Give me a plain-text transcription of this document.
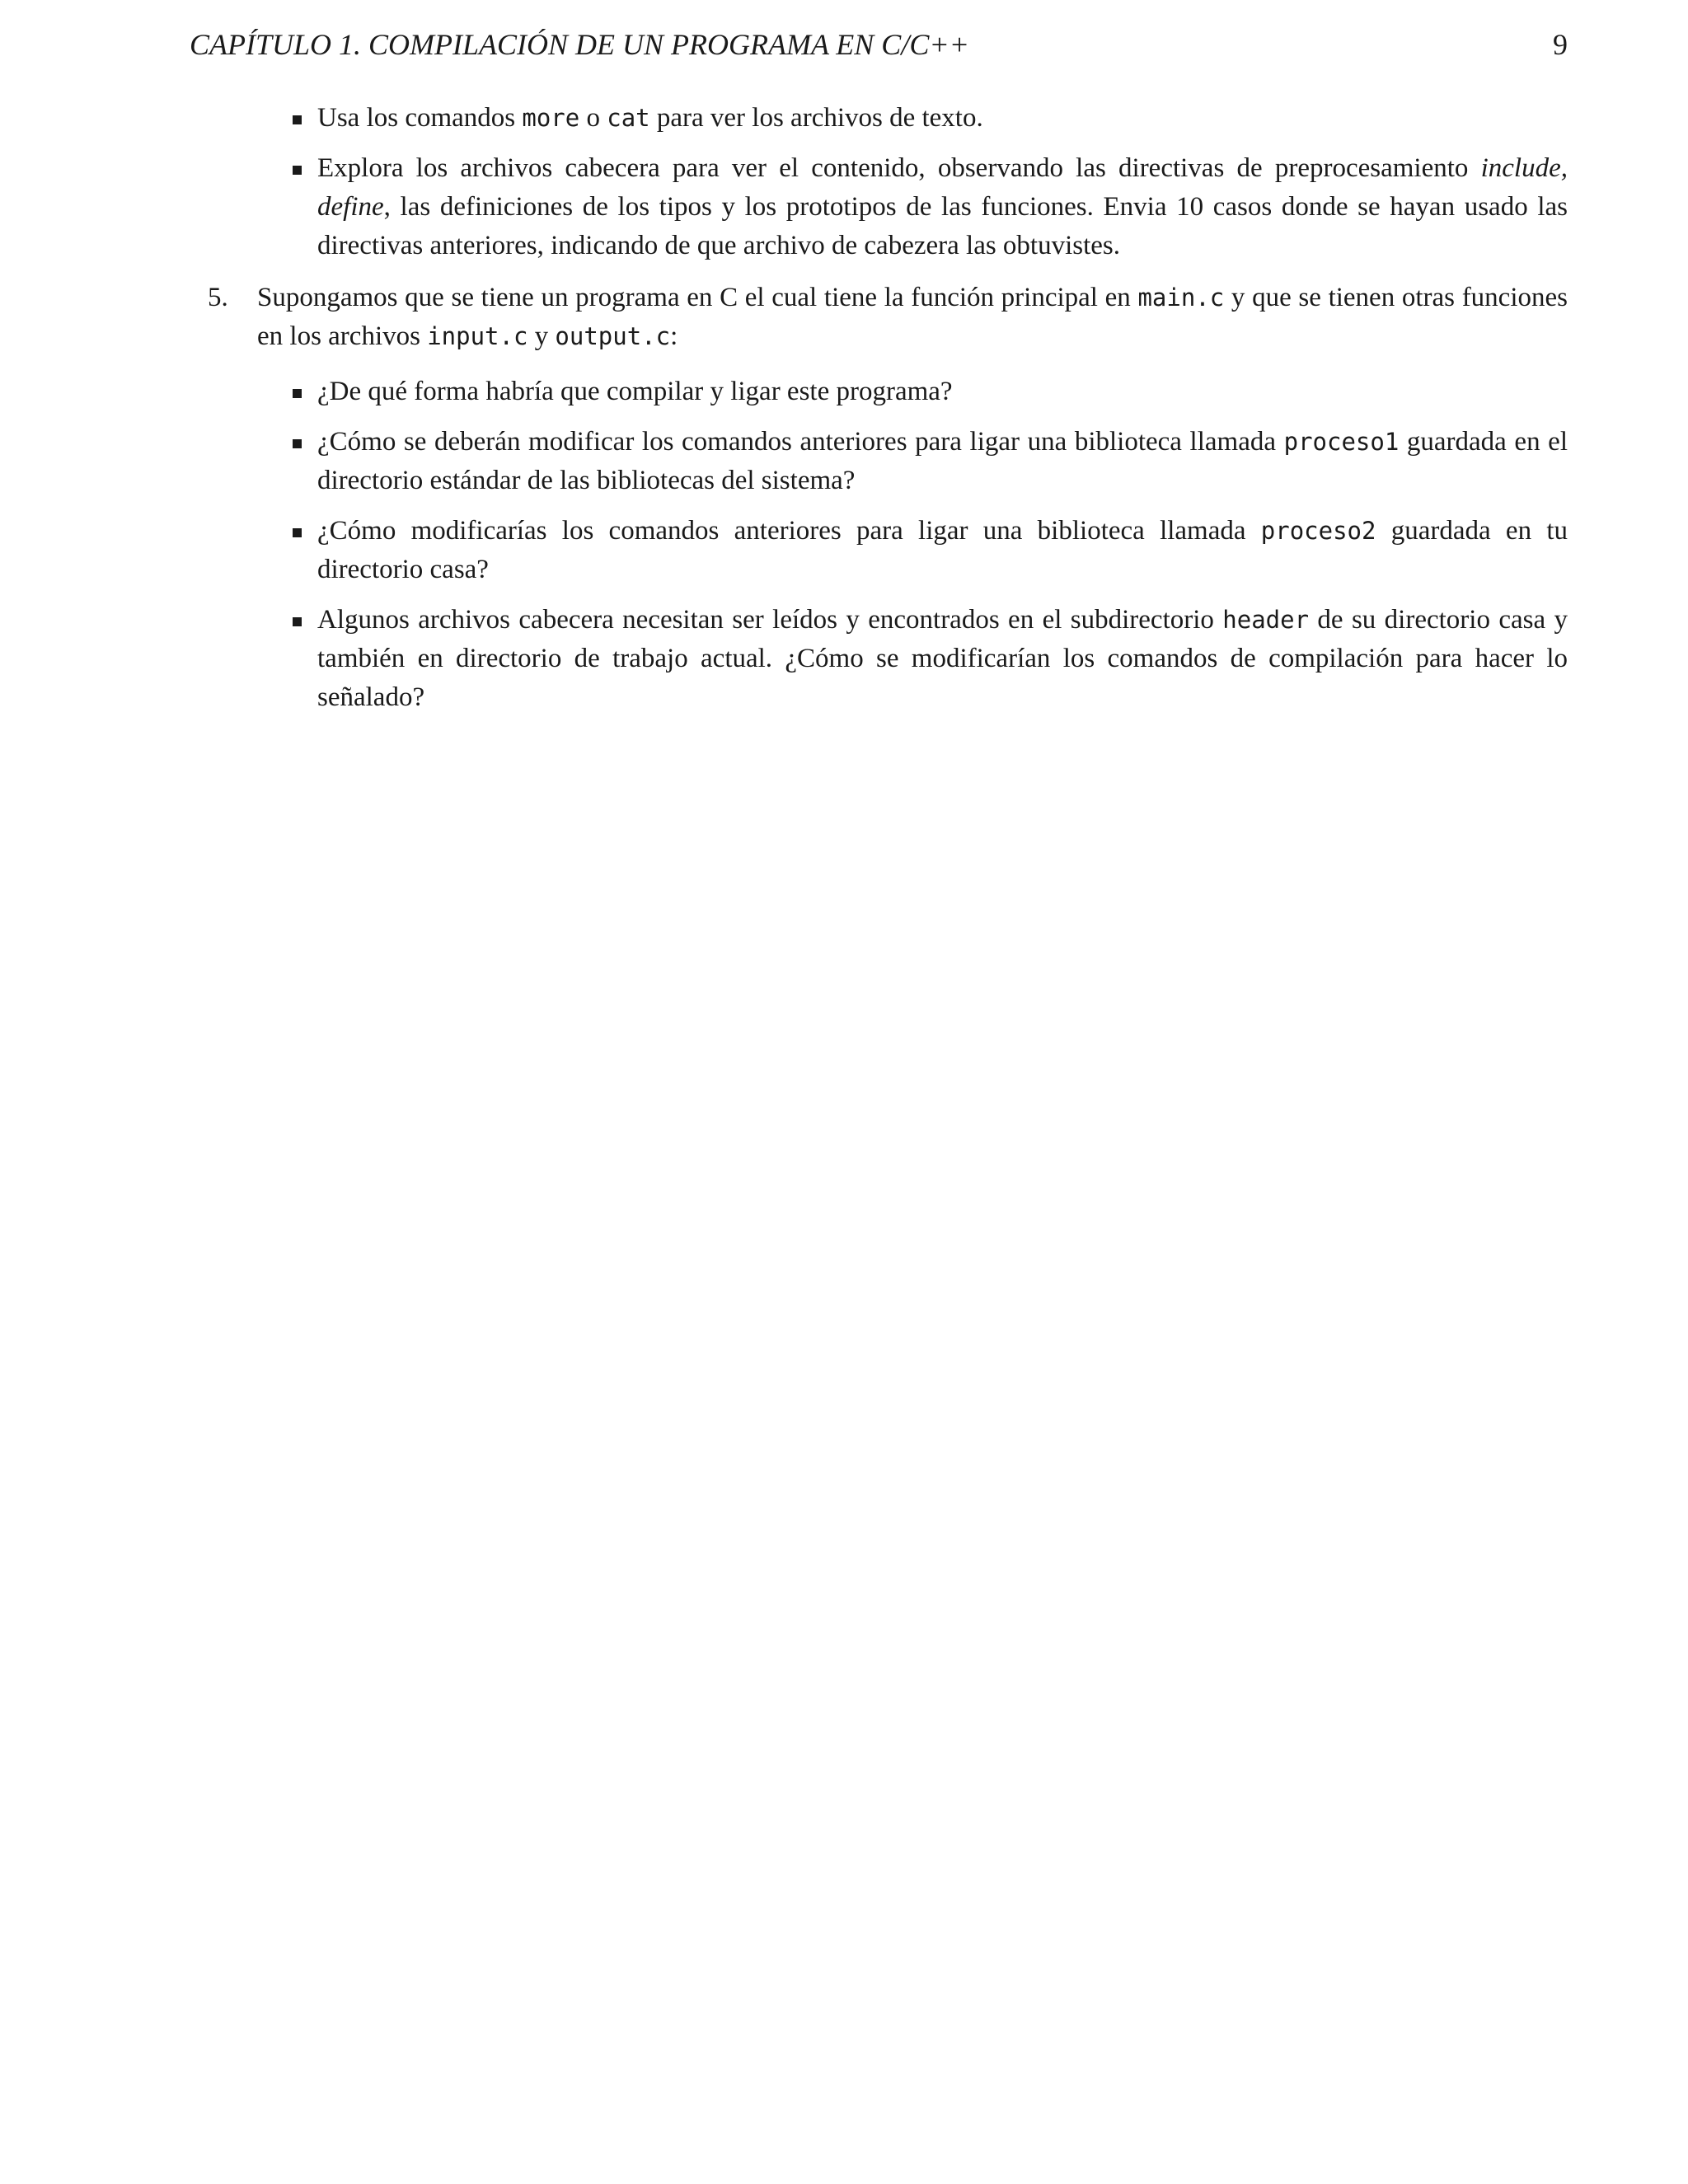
CAPÍTULO 1. COMPILACIÓN DE UN PROGRAMA EN C/C++	9
Usa los comandos more o cat para ver los archivos de texto.
Explora los archivos cabecera para ver el contenido, observando las directivas de preprocesamiento include, define, las definiciones de los tipos y los prototipos de las funciones. Envia 10 casos donde se hayan usado las directivas anteriores, indicando de que archivo de cabezera las obtuvistes.
5. Supongamos que se tiene un programa en C el cual tiene la función principal en main.c y que se tienen otras funciones en los archivos input.c y output.c:
¿De qué forma habría que compilar y ligar este programa?
¿Cómo se deberán modificar los comandos anteriores para ligar una biblioteca llamada proceso1 guardada en el directorio estándar de las bibliotecas del sistema?
¿Cómo modificarías los comandos anteriores para ligar una biblioteca llamada proceso2 guardada en tu directorio casa?
Algunos archivos cabecera necesitan ser leídos y encontrados en el subdirectorio header de su directorio casa y también en directorio de trabajo actual. ¿Cómo se modificarían los comandos de compilación para hacer lo señalado?
